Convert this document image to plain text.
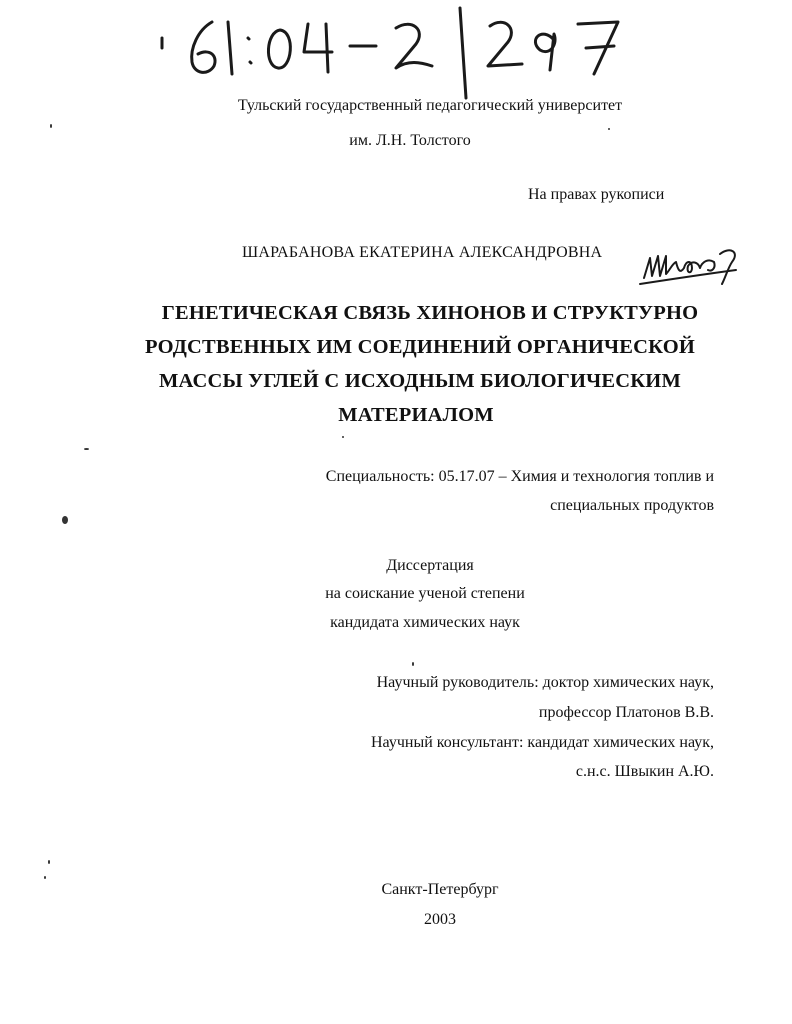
Тульский государственный педагогический университет
им. Л.Н. Толстого
На правах рукописи
ШАРАБАНОВА ЕКАТЕРИНА АЛЕКСАНДРОВНА
ГЕНЕТИЧЕСКАЯ СВЯЗЬ ХИНОНОВ И СТРУКТУРНО
РОДСТВЕННЫХ ИМ СОЕДИНЕНИЙ ОРГАНИЧЕСКОЙ
МАССЫ УГЛЕЙ С ИСХОДНЫМ БИОЛОГИЧЕСКИМ
МАТЕРИАЛОМ
Специальность: 05.17.07 – Химия и технология топлив и
специальных продуктов
Диссертация
на соискание ученой степени
кандидата химических наук
Научный руководитель: доктор химических наук,
профессор Платонов В.В.
Научный консультант: кандидат химических наук,
с.н.с. Швыкин А.Ю.
Санкт-Петербург
2003
